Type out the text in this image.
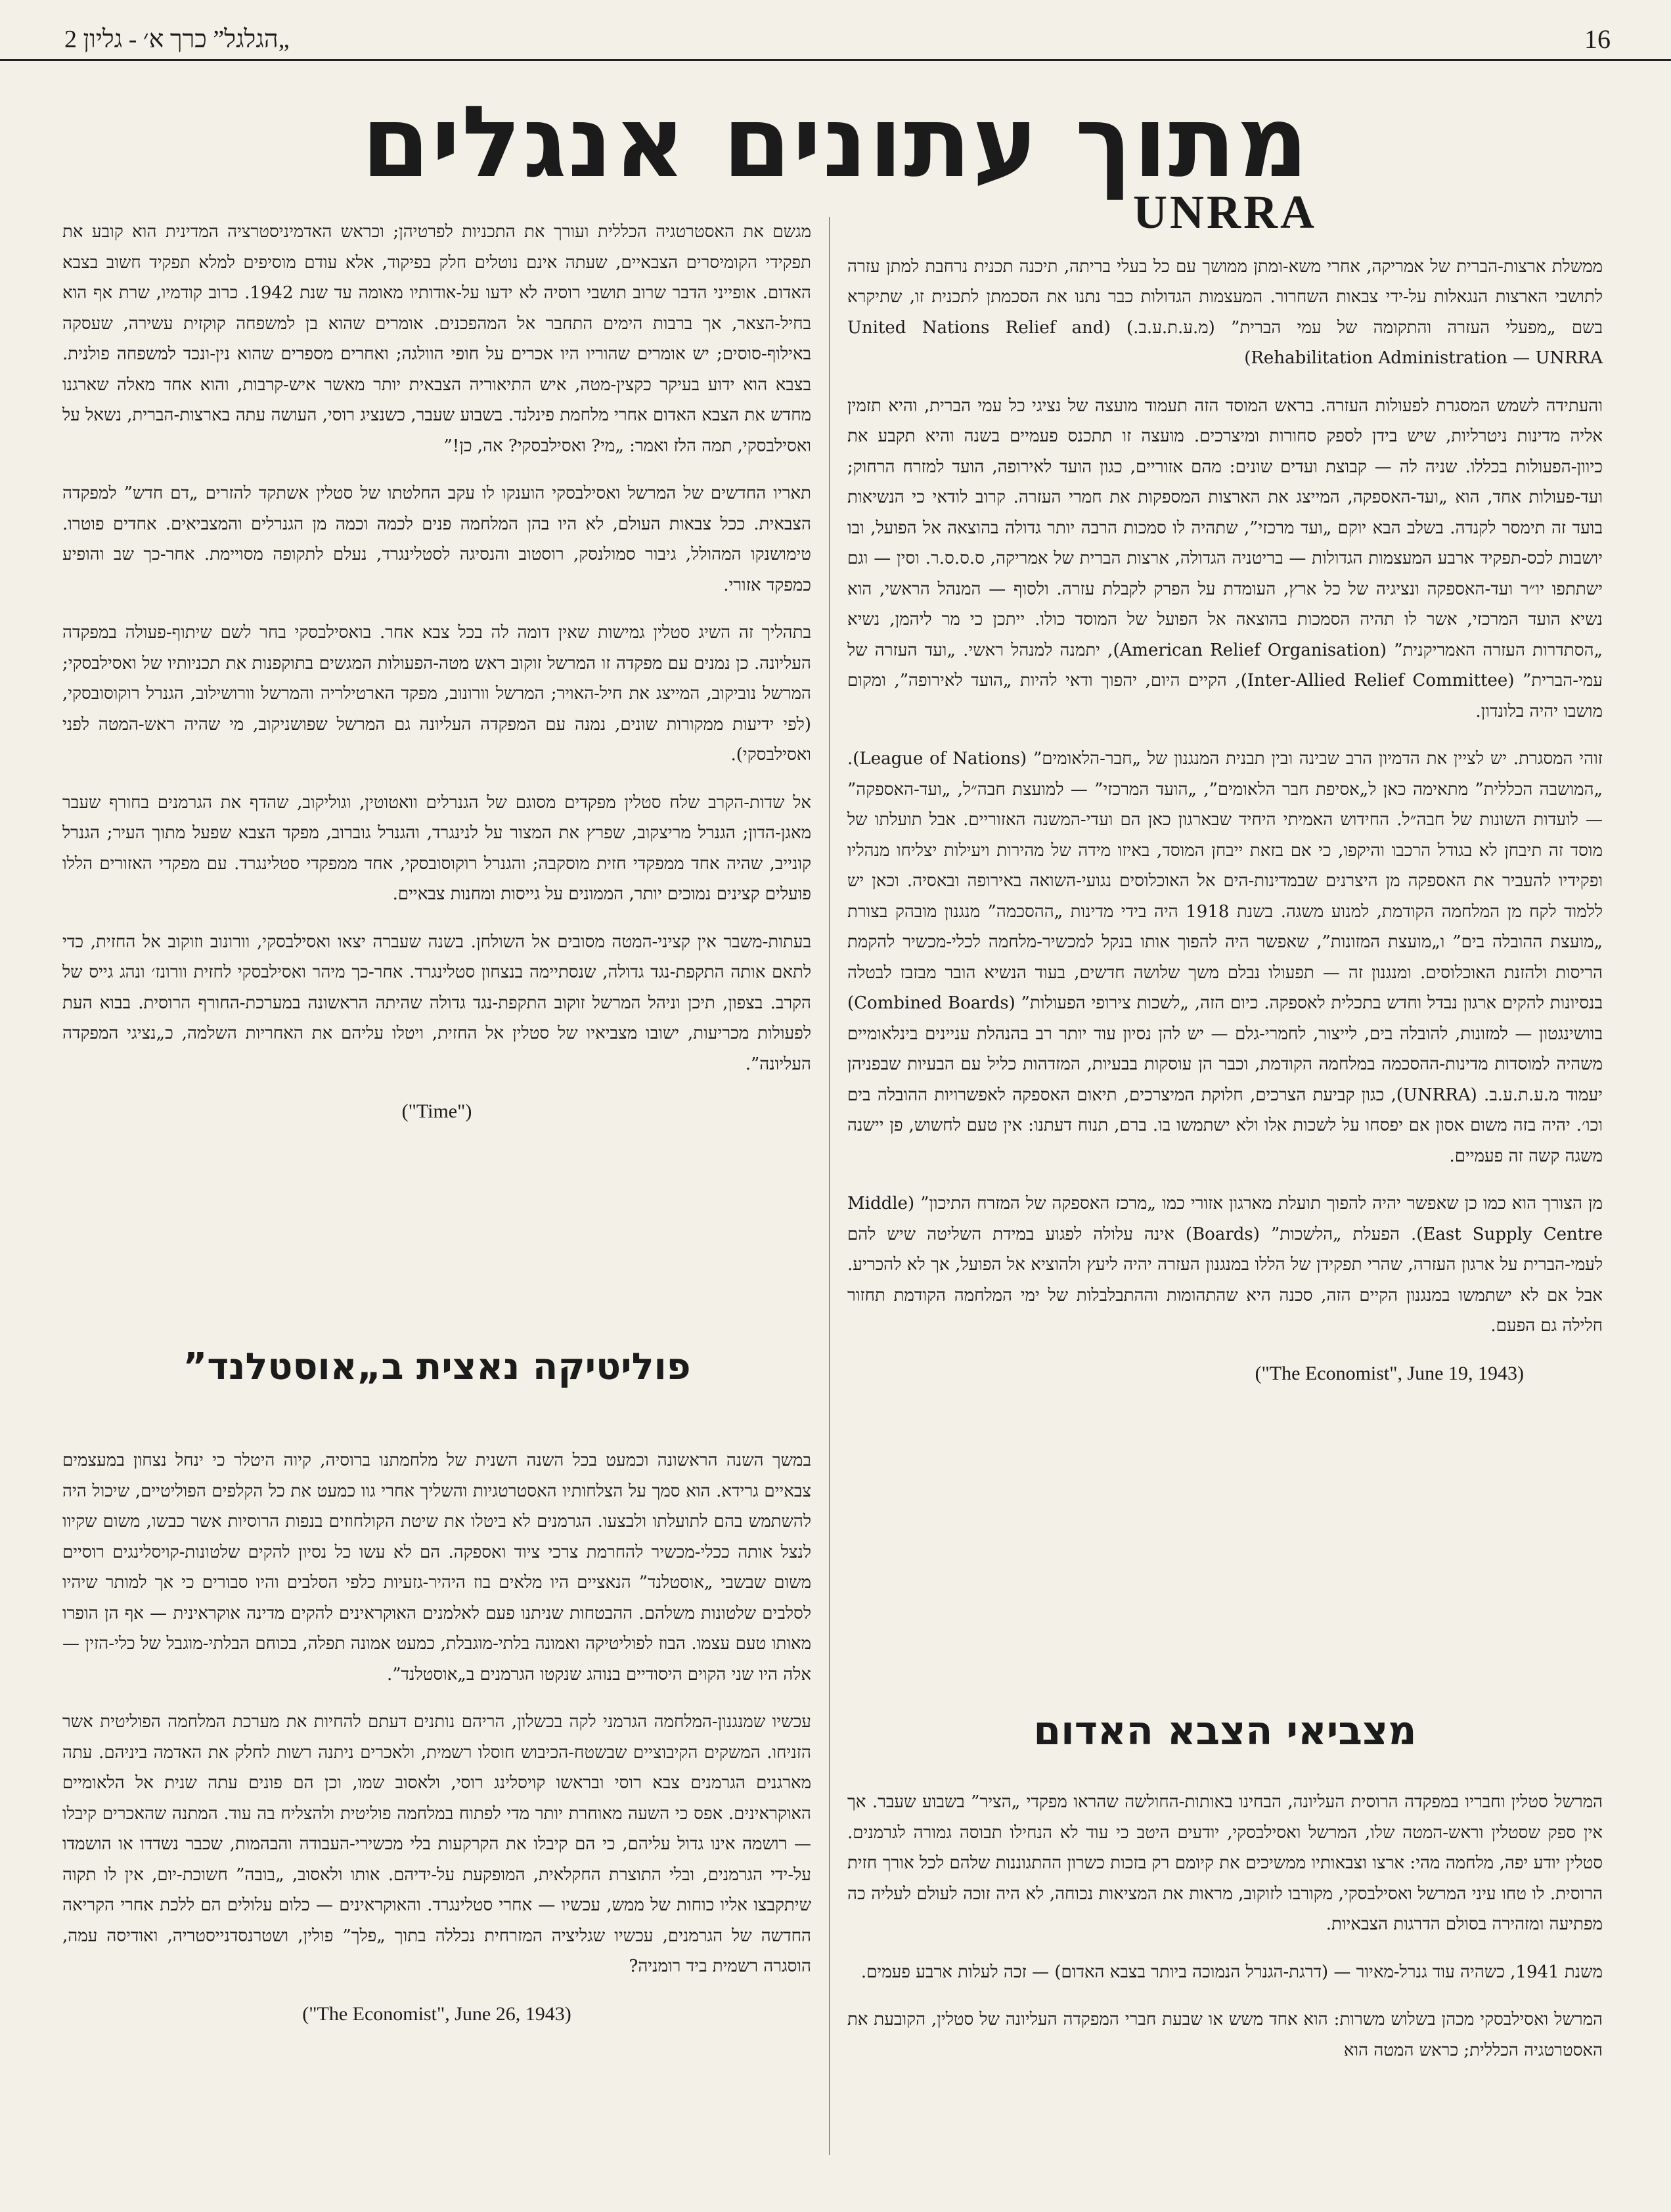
„הגלגל” כרך א׳ - גליון 2	16
מתוך עתונים אנגלים
UNRRA

ממשלת ארצות-הברית של אמריקה, אחרי משא-ומתן ממושך עם כל בעלי בריתה, תיכנה תכנית נרחבת למתן עזרה לתושבי הארצות הנגאלות על-ידי צבאות השחרור. המעצמות הגדולות כבר נתנו את הסכמתן לתכנית זו, שתיקרא בשם „מפעלי העזרה והתקומה של עמי הברית” (מ.ע.ת.ע.ב.) (United Nations Relief and Rehabilitation Administration — UNRRA)

והעתידה לשמש המסגרת לפעולות העזרה. בראש המוסד הזה תעמוד מועצה של נציגי כל עמי הברית, והיא תזמין אליה מדינות ניטרליות, שיש בידן לספק סחורות ומיצרכים. מועצה זו תתכנס פעמיים בשנה והיא תקבע את כיוון-הפעולות בכללו. שניה לה — קבוצת ועדים שונים: מהם אזוריים, כגון הועד לאירופה, הועד למזרח הרחוק; ועד-פעולות אחד, הוא „ועד-האספקה, המייצג את הארצות המספקות את חמרי העזרה. קרוב לודאי כי הנשיאות בועד זה תימסר לקנדה. בשלב הבא יוקם „ועד מרכזי”, שתהיה לו סמכות הרבה יותר גדולה בהוצאה אל הפועל, ובו יושבות לכס-תפקיד ארבע המעצמות הגדולות — בריטניה הגדולה, ארצות הברית של אמריקה, ס.ס.ס.ר. וסין — וגם ישתתפו יו״ר ועד-האספקה ונציגיה של כל ארץ, העומדת על הפרק לקבלת עזרה. ולסוף — המנהל הראשי, הוא נשיא הועד המרכזי, אשר לו תהיה הסמכות בהוצאה אל הפועל של המוסד כולו. ייתכן כי מר ליהמן, נשיא „הסתדרות העזרה האמריקנית” (American Relief Organisation), יתמנה למנהל ראשי. „ועד העזרה של עמי-הברית” (Inter-Allied Relief Committee), הקיים היום, יהפוך ודאי להיות „הועד לאירופה”, ומקום מושבו יהיה בלונדון.

זוהי המסגרת. יש לציין את הדמיון הרב שבינה ובין תבנית המנגנון של „חבר-הלאומים” (League of Nations). „המושבה הכללית” מתאימה כאן ל„אסיפת חבר הלאומים”, „הועד המרכזי” — למועצת חבה״ל, „ועד-האספקה” — לועדות השונות של חבה״ל. החידוש האמיתי היחיד שבארגון כאן הם ועדי-המשנה האזוריים. אבל תועלתו של מוסד זה תיבחן לא בגודל הרכבו והיקפו, כי אם בזאת ייבחן המוסד, באיזו מידה של מהירות ויעילות יצליחו מנהליו ופקידיו להעביר את האספקה מן היצרנים שבמדינות-הים אל האוכלוסים נגועי-השואה באירופה ובאסיה. וכאן יש ללמוד לקח מן המלחמה הקודמת, למנוע משגה. בשנת 1918 היה בידי מדינות „ההסכמה” מנגנון מובהק בצורת „מועצת ההובלה בים” ו„מועצת המזונות”, שאפשר היה להפוך אותו בנקל למכשיר-מלחמה לכלי-מכשיר להקמת הריסות ולהזנת האוכלוסים. ומנגנון זה — תפעולו נבלם משך שלושה חדשים, בעוד הנשיא הובר מבזבז לבטלה בנסיונות להקים ארגון נבדל וחדש בתכלית לאספקה. כיום הזה, „לשכות צירופי הפעולות” (Combined Boards) בוושינגטון — למזונות, להובלה בים, לייצור, לחמרי-גלם — יש להן נסיון עוד יותר רב בהנהלת עניינים בינלאומיים משהיה למוסדות מדינות-ההסכמה במלחמה הקודמת, וכבר הן עוסקות בבעיות, המזדהות כליל עם הבעיות שבפניהן יעמוד מ.ע.ת.ע.ב. (UNRRA), כגון קביעת הצרכים, חלוקת המיצרכים, תיאום האספקה לאפשרויות ההובלה בים וכו׳. יהיה בזה משום אסון אם יפסחו על לשכות אלו ולא ישתמשו בו. ברם, תנוח דעתנו: אין טעם לחשוש, פן יישנה משגה קשה זה פעמיים.

מן הצורך הוא כמו כן שאפשר יהיה להפוך תועלת מארגון אזורי כמו „מרכז האספקה של המזרח התיכון” (Middle East Supply Centre). הפעלת „הלשכות” (Boards) אינה עלולה לפגוע במידת השליטה שיש להם לעמי-הברית על ארגון העזרה, שהרי תפקידן של הללו במנגנון העזרה יהיה ליעץ ולהוציא אל הפועל, אך לא להכריע. אבל אם לא ישתמשו במנגנון הקיים הזה, סכנה היא שהתהומות וההתבלבלות של ימי המלחמה הקודמת תחזור חלילה גם הפעם.

("The Economist", June 19, 1943)

מגשם את האסטרטגיה הכללית ועורך את התכניות לפרטיהן; וכראש האדמיניסטרציה המדינית הוא קובע את תפקידי הקומיסרים הצבאיים, שעתה אינם נוטלים חלק בפיקוד, אלא עודם מוסיפים למלא תפקיד חשוב בצבא האדום. אופייני הדבר שרוב תושבי רוסיה לא ידעו על-אודותיו מאומה עד שנת 1942. כרוב קודמיו, שרת אף הוא בחיל-הצאר, אך ברבות הימים התחבר אל המהפכנים. אומרים שהוא בן למשפחה קוקזית עשירה, שעסקה באילוף-סוסים; יש אומרים שהוריו היו אכרים על חופי הוולגה; ואחרים מספרים שהוא נין-ונכד למשפחה פולנית. בצבא הוא ידוע בעיקר כקצין-מטה, איש התיאוריה הצבאית יותר מאשר איש-קרבות, והוא אחד מאלה שארגנו מחדש את הצבא האדום אחרי מלחמת פינלנד. בשבוע שעבר, כשנציג רוסי, העושה עתה בארצות-הברית, נשאל על ואסילבסקי, תמה הלז ואמר: „מי? ואסילבסקי? אה, כן!”

תאריו החדשים של המרשל ואסילבסקי הוענקו לו עקב החלטתו של סטלין אשתקד להזרים „דם חדש” למפקדה הצבאית. ככל צבאות העולם, לא היו בהן המלחמה פנים לכמה וכמה מן הגנרלים והמצביאים. אחדים פוטרו. טימושנקו המהולל, גיבור סמולנסק, רוסטוב והנסיגה לסטלינגרד, נעלם לתקופה מסויימת. אחר-כך שב והופיע כמפקד אזורי.

בתהליך זה השיג סטלין גמישות שאין דומה לה בכל צבא אחר. בואסילבסקי בחר לשם שיתוף-פעולה במפקדה העליונה. כן נמנים עם מפקדה זו המרשל זוקוב ראש מטה-הפעולות המגשים בתוקפנות את תכניותיו של ואסילבסקי; המרשל נוביקוב, המייצג את חיל-האויר; המרשל וורונוב, מפקד הארטילריה והמרשל וורושילוב, הגנרל רוקוסובסקי, (לפי ידיעות ממקורות שונים, נמנה עם המפקדה העליונה גם המרשל שפושניקוב, מי שהיה ראש-המטה לפני ואסילבסקי).

אל שדות-הקרב שלח סטלין מפקדים מסוגם של הגנרלים וואטוטין, וגוליקוב, שהדף את הגרמנים בחורף שעבר מאגן-הדון; הגנרל מריצקוב, שפרץ את המצור על לנינגרד, והגנרל גוברוב, מפקד הצבא שפעל מתוך העיר; הגנרל קונייב, שהיה אחד ממפקדי חזית מוסקבה; והגנרל רוקוסובסקי, אחד ממפקדי סטלינגרד. עם מפקדי האזורים הללו פועלים קצינים נמוכים יותר, הממונים על גייסות ומחנות צבאיים.

בעתות-משבר אין קציני-המטה מסובים אל השולחן. בשנה שעברה יצאו ואסילבסקי, וורונוב וזוקוב אל החזית, כדי לתאם אותה התקפת-נגד גדולה, שנסתיימה בנצחון סטלינגרד. אחר-כך מיהר ואסילבסקי לחזית וורונז׳ ונהג גייס של הקרב. בצפון, תיכן וניהל המרשל זוקוב התקפת-נגד גדולה שהיתה הראשונה במערכת-החורף הרוסית. בבוא העת לפעולות מכריעות, ישובו מצביאיו של סטלין אל החזית, ויטלו עליהם את האחריות השלמה, כ„נציגי המפקדה העליונה”.

("Time")
פוליטיקה נאצית ב„אוסטלנד”

במשך השנה הראשונה וכמעט בכל השנה השנית של מלחמתנו ברוסיה, קיוה היטלר כי ינחל נצחון במעצמים צבאיים גרידא. הוא סמך על הצלחותיו האסטרטגיות והשליך אחרי גוו כמעט את כל הקלפים הפוליטיים, שיכול היה להשתמש בהם לתועלתו ולבצעו. הגרמנים לא ביטלו את שיטת הקולחוזים בנפות הרוסיות אשר כבשו, משום שקיוו לנצל אותה ככלי-מכשיר להחרמת צרכי ציוד ואספקה. הם לא עשו כל נסיון להקים שלטונות-קויסלינגים רוסיים משום שבשבי „אוסטלנד” הנאציים היו מלאים בוז היהיר-גזעיות כלפי הסלבים והיו סבורים כי אך למותר שיהיו לסלבים שלטונות משלהם. ההבטחות שניתנו פעם לאלמנים האוקראינים להקים מדינה אוקראינית — אף הן הופרו מאותו טעם עצמו. הבוז לפוליטיקה ואמונה בלתי-מוגבלת, כמעט אמונה תפלה, בכוחם הבלתי-מוגבל של כלי-הזין — אלה היו שני הקוים היסודיים בנוהג שנקטו הגרמנים ב„אוסטלנד”.

עכשיו שמנגנון-המלחמה הגרמני לקה בכשלון, הריהם נותנים דעתם להחיות את מערכת המלחמה הפוליטית אשר הזניחו. המשקים הקיבוציים שבשטח-הכיבוש חוסלו רשמית, ולאכרים ניתנה רשות לחלק את האדמה ביניהם. עתה מארגנים הגרמנים צבא רוסי ובראשו קויסלינג רוסי, ולאסוב שמו, וכן הם פונים עתה שנית אל הלאומיים האוקראינים. אפס כי השעה מאוחרת יותר מדי לפתוח במלחמה פוליטית ולהצליח בה עוד. המתנה שהאכרים קיבלו — רושמה אינו גדול עליהם, כי הם קיבלו את הקרקעות בלי מכשירי-העבודה והבהמות, שכבר נשדדו או הושמדו על-ידי הגרמנים, ובלי התוצרת החקלאית, המופקעת על-ידיהם. אותו ולאסוב, „בובה” חשוכת-יום, אין לו תקוה שיתקבצו אליו כוחות של ממש, עכשיו — אחרי סטלינגרד. והאוקראינים — כלום עלולים הם ללכת אחרי הקריאה החדשה של הגרמנים, עכשיו שגליציה המזרחית נכללה בתוך „פלך” פולין, ושטרנסדנייסטריה, ואודיסה עמה, הוסגרה רשמית ביד רומניה?

("The Economist", June 26, 1943)
מצביאי הצבא האדום

המרשל סטלין וחבריו במפקדה הרוסית העליונה, הבחינו באותות-החולשה שהראו מפקדי „הציר” בשבוע שעבר. אך אין ספק שסטלין וראש-המטה שלו, המרשל ואסילבסקי, יודעים היטב כי עוד לא הנחילו תבוסה גמורה לגרמנים. סטלין יודע יפה, מלחמה מהי: ארצו וצבאותיו ממשיכים את קיומם רק בזכות כשרון ההתגוננות שלהם לכל אורך חזית הרוסית. לו טחו עיני המרשל ואסילבסקי, מקורבו לזוקוב, מראות את המציאות נכוחה, לא היה זוכה לעולם לעליה כה מפתיעה ומזהירה בסולם הדרגות הצבאיות.

משנת 1941, כשהיה עוד גנרל-מאיור — (דרגת-הגנרל הנמוכה ביותר בצבא האדום) — זכה לעלות ארבע פעמים.

המרשל ואסילבסקי מכהן בשלוש משרות: הוא אחד משש או שבעת חברי המפקדה העליונה של סטלין, הקובעת את האסטרטגיה הכללית; כראש המטה הוא
